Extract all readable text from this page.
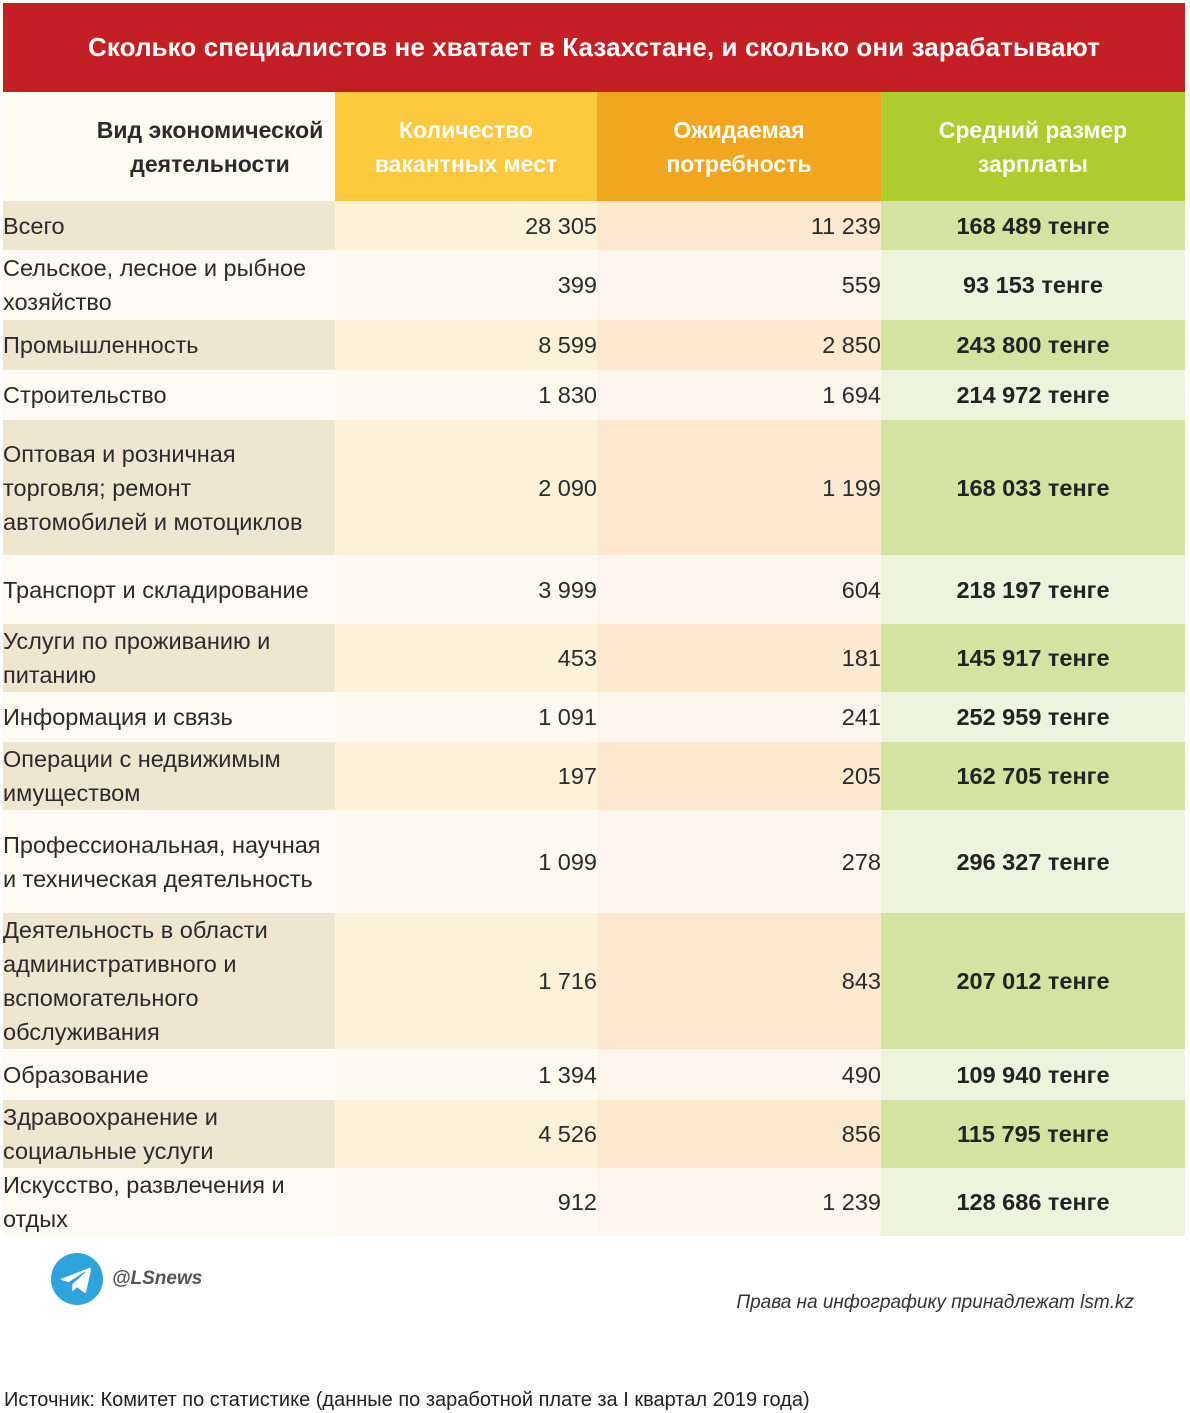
Сколько специалистов не хватает в Казахстане, и сколько они зарабатывают
Вид экономической деятельности	Количество вакантных мест	Ожидаемая потребность	Средний размер зарплаты
Всего	28 305	11 239	168 489 тенге
Сельское, лесное и рыбное хозяйство	399	559	93 153 тенге
Промышленность	8 599	2 850	243 800 тенге
Строительство	1 830	1 694	214 972 тенге
Оптовая и розничная торговля; ремонт автомобилей и мотоциклов	2 090	1 199	168 033 тенге
Транспорт и складирование	3 999	604	218 197 тенге
Услуги по проживанию и питанию	453	181	145 917 тенге
Информация и связь	1 091	241	252 959 тенге
Операции с недвижимым имуществом	197	205	162 705 тенге
Профессиональная, научная и техническая деятельность	1 099	278	296 327 тенге
Деятельность в области административного и вспомогательного обслуживания	1 716	843	207 012 тенге
Образование	1 394	490	109 940 тенге
Здравоохранение и социальные услуги	4 526	856	115 795 тенге
Искусство, развлечения и отдых	912	1 239	128 686 тенге
@LSnews
Права на инфографику принадлежат lsm.kz
Источник: Комитет по статистике (данные по заработной плате за I квартал 2019 года)
